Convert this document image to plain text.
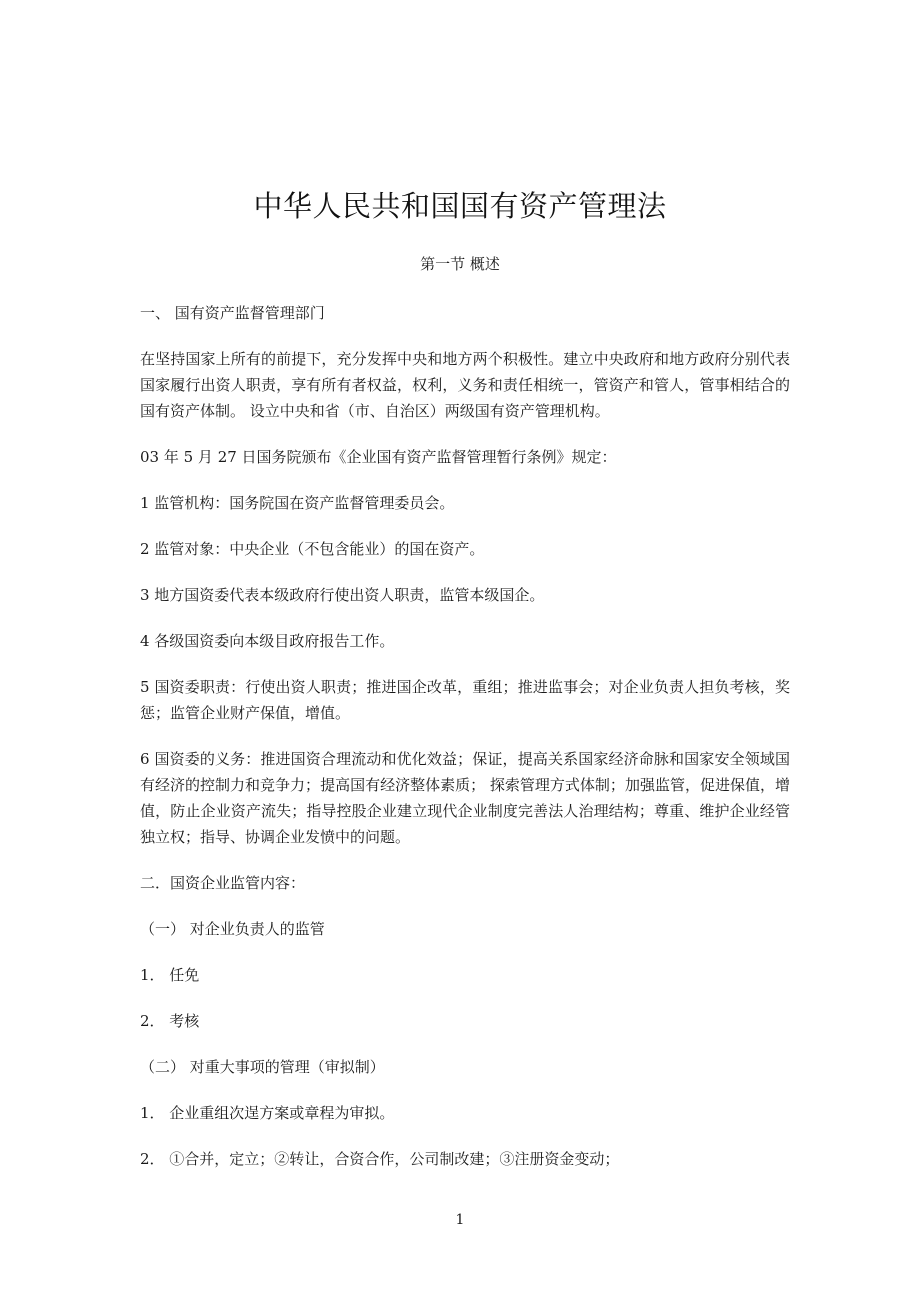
中华人民共和国国有资产管理法
第一节 概述

一、 国有资产监督管理部门

在坚持国家上所有的前提下，充分发挥中央和地方两个积极性。建立中央政府和地方政府分别代表国家履行出资人职责，享有所有者权益，权利，义务和责任相统一，管资产和管人，管事相结合的国有资产体制。 设立中央和省（市、自治区）两级国有资产管理机构。

03 年 5 月 27 日国务院颁布《企业国有资产监督管理暂行条例》规定：

1 监管机构：国务院国在资产监督管理委员会。

2 监管对象：中央企业（不包含能业）的国在资产。

3 地方国资委代表本级政府行使出资人职责，监管本级国企。

4 各级国资委向本级目政府报告工作。

5 国资委职责：行使出资人职责；推进国企改革，重组；推进监事会；对企业负责人担负考核，奖惩；监管企业财产保值，增值。

6 国资委的义务：推进国资合理流动和优化效益；保证，提高关系国家经济命脉和国家安全领域国有经济的控制力和竞争力；提高国有经济整体素质； 探索管理方式体制；加强监管，促进保值，增值，防止企业资产流失；指导控股企业建立现代企业制度完善法人治理结构；尊重、维护企业经管独立权；指导、协调企业发愤中的问题。

二．国资企业监管内容：

（一） 对企业负责人的监管

1． 任免

2． 考核

（二） 对重大事项的管理（审拟制）

1． 企业重组次逞方案或章程为审拟。

2． ①合并，定立；②转让，合资合作，公司制改建；③注册资金变动；

1
